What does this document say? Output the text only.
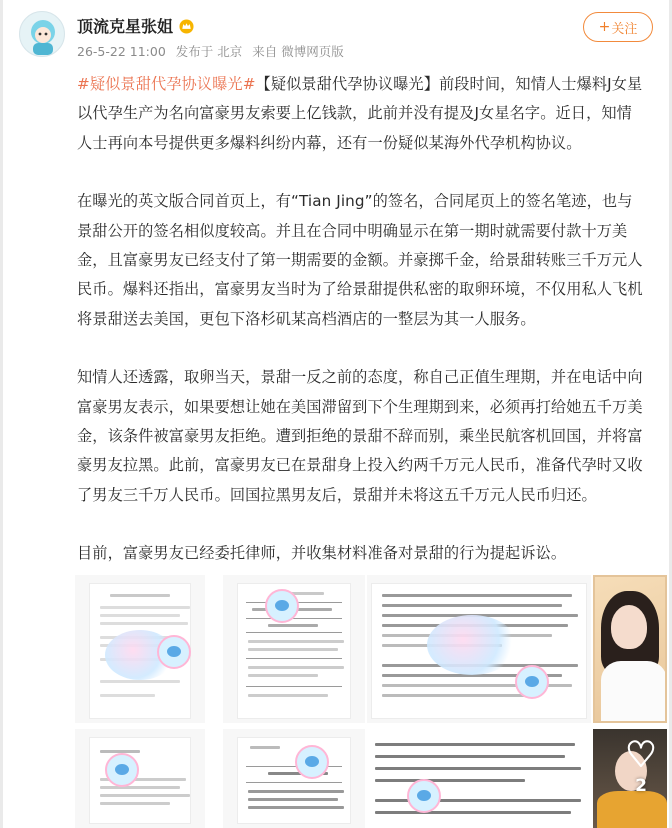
顶流克星张姐
26-5-22 11:00 发布于 北京 来自 微博网页版
+ 关注

#疑似景甜代孕协议曝光#【疑似景甜代孕协议曝光】前段时间，知情人士爆料J女星以代孕生产为名向富豪男友索要上亿钱款，此前并没有提及J女星名字。近日，知情人士再向本号提供更多爆料纠纷内幕，还有一份疑似某海外代孕机构协议。

在曝光的英文版合同首页上，有“Tian Jing”的签名，合同尾页上的签名笔迹，也与景甜公开的签名相似度较高。并且在合同中明确显示在第一期时就需要付款十万美金，且富豪男友已经支付了第一期需要的金额。并豪掷千金，给景甜转账三千万元人民币。爆料还指出，富豪男友当时为了给景甜提供私密的取卵环境，不仅用私人飞机将景甜送去美国，更包下洛杉矶某高档酒店的一整层为其一人服务。

知情人还透露，取卵当天，景甜一反之前的态度，称自己正值生理期，并在电话中向富豪男友表示，如果要想让她在美国滞留到下个生理期到来，必须再打给她五千万美金，该条件被富豪男友拒绝。遭到拒绝的景甜不辞而别，乘坐民航客机回国，并将富豪男友拉黑。此前，富豪男友已在景甜身上投入约两千万元人民币，准备代孕时又收了男友三千万人民币。回国拉黑男友后，景甜并未将这五千万元人民币归还。

目前，富豪男友已经委托律师，并收集材料准备对景甜的行为提起诉讼。

♥
2
